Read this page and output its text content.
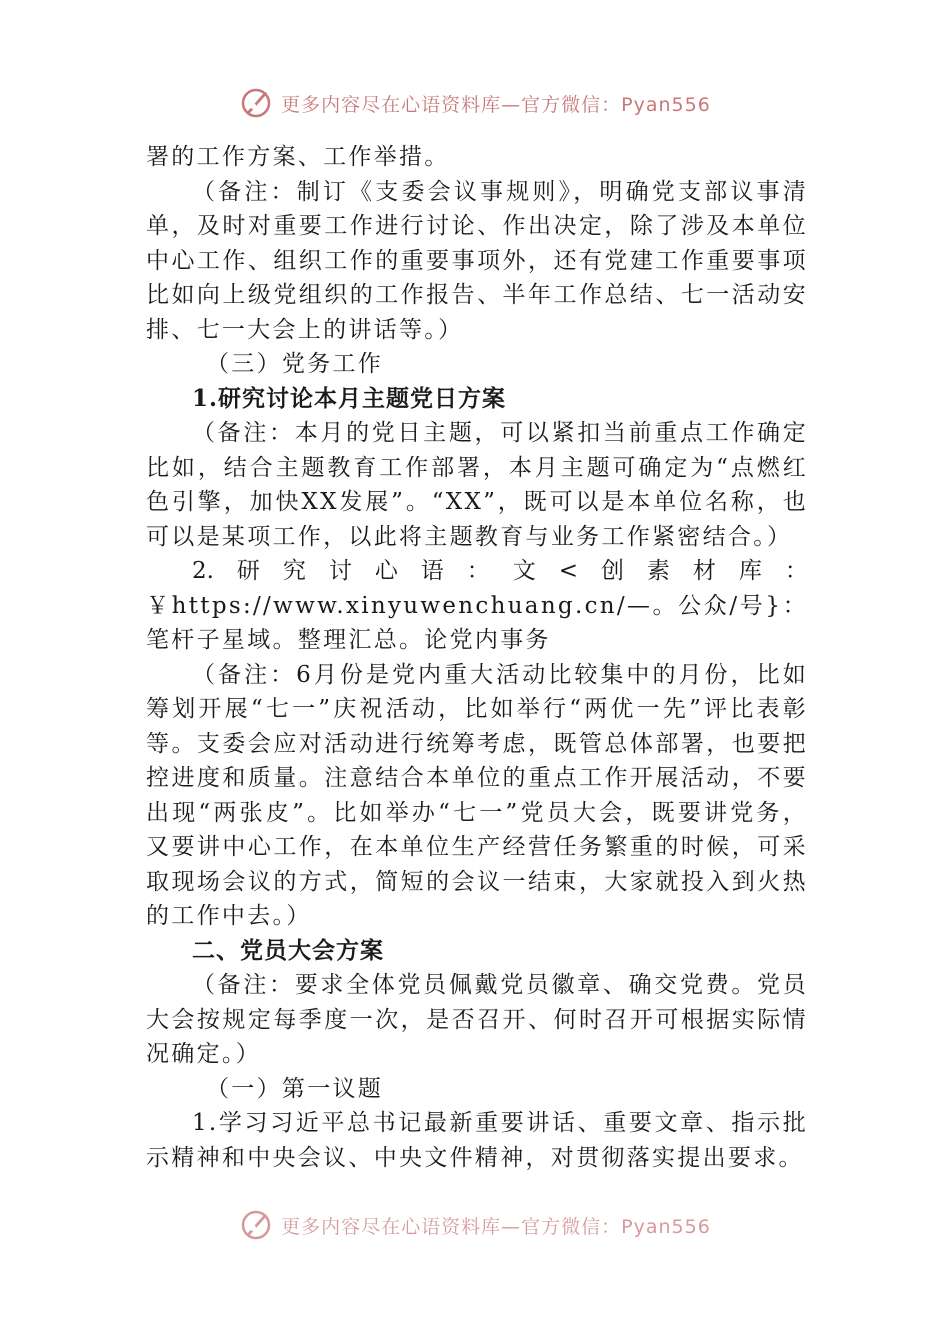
更多内容尽在心语资料库—官方微信：Pyan556

署的工作方案、工作举措。

（备注：制订《支委会议事规则》，明确党支部议事清单，及时对重要工作进行讨论、作出决定，除了涉及本单位中心工作、组织工作的重要事项外，还有党建工作重要事项比如向上级党组织的工作报告、半年工作总结、七一活动安排、七一大会上的讲话等。）

（三）党务工作

1.研究讨论本月主题党日方案

（备注：本月的党日主题，可以紧扣当前重点工作确定比如，结合主题教育工作部署，本月主题可确定为“点燃红色引擎，加快XX发展”。“XX”，既可以是本单位名称，也可以是某项工作，以此将主题教育与业务工作紧密结合。）

2. 研 究 讨 心 语 ： 文 < 创 素 材 库 ：

￥https://www.xinyuwenchuang.cn/—。公众/号}：笔杆子星域。整理汇总。论党内事务

（备注：6月份是党内重大活动比较集中的月份，比如筹划开展“七一”庆祝活动，比如举行“两优一先”评比表彰等。支委会应对活动进行统筹考虑，既管总体部署，也要把控进度和质量。注意结合本单位的重点工作开展活动，不要出现“两张皮”。比如举办“七一”党员大会，既要讲党务，又要讲中心工作，在本单位生产经营任务繁重的时候，可采取现场会议的方式，简短的会议一结束，大家就投入到火热的工作中去。）

二、党员大会方案

（备注：要求全体党员佩戴党员徽章、确交党费。党员大会按规定每季度一次，是否召开、何时召开可根据实际情况确定。）

（一）第一议题

1.学习习近平总书记最新重要讲话、重要文章、指示批示精神和中央会议、中央文件精神，对贯彻落实提出要求。

更多内容尽在心语资料库—官方微信：Pyan556
